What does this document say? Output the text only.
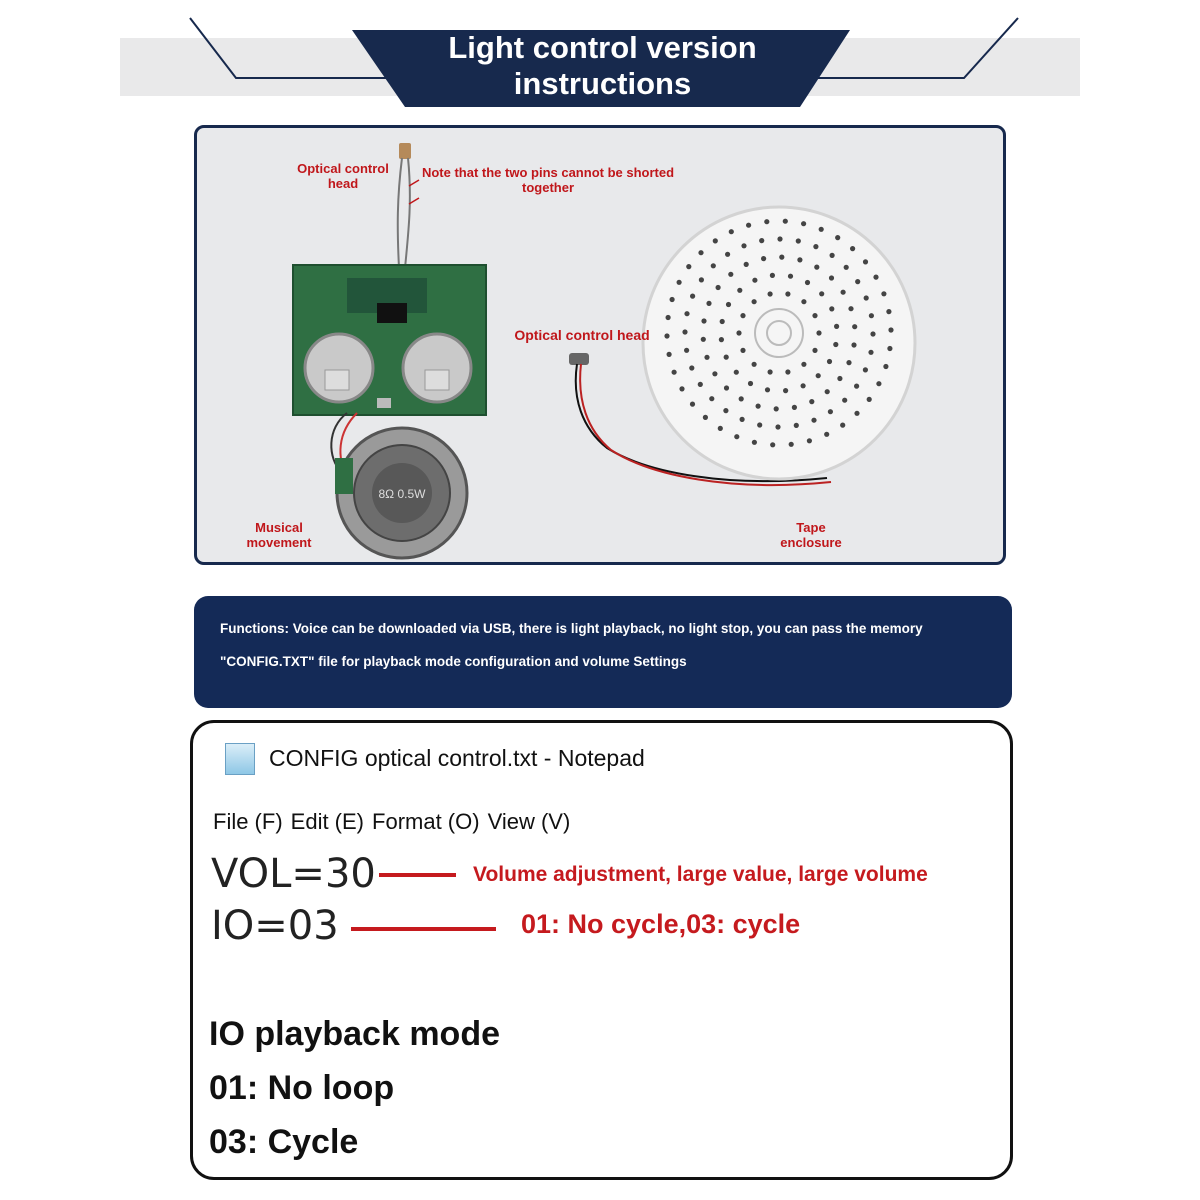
Light control version
instructions
8Ω 0.5W
Optical control head
Note that the two pins cannot be shorted together
Optical control head
Musical movement
Tape enclosure
Functions: Voice can be downloaded via USB, there is light playback, no light stop, you can pass the memory
"CONFIG.TXT" file for playback mode configuration and volume Settings
CONFIG optical control.txt - Notepad
File (F) Edit (E) Format (O) View (V)
VOL=30	Volume adjustment, large value, large volume
IO=03	01: No cycle,03: cycle
IO playback mode
01: No loop
03: Cycle
